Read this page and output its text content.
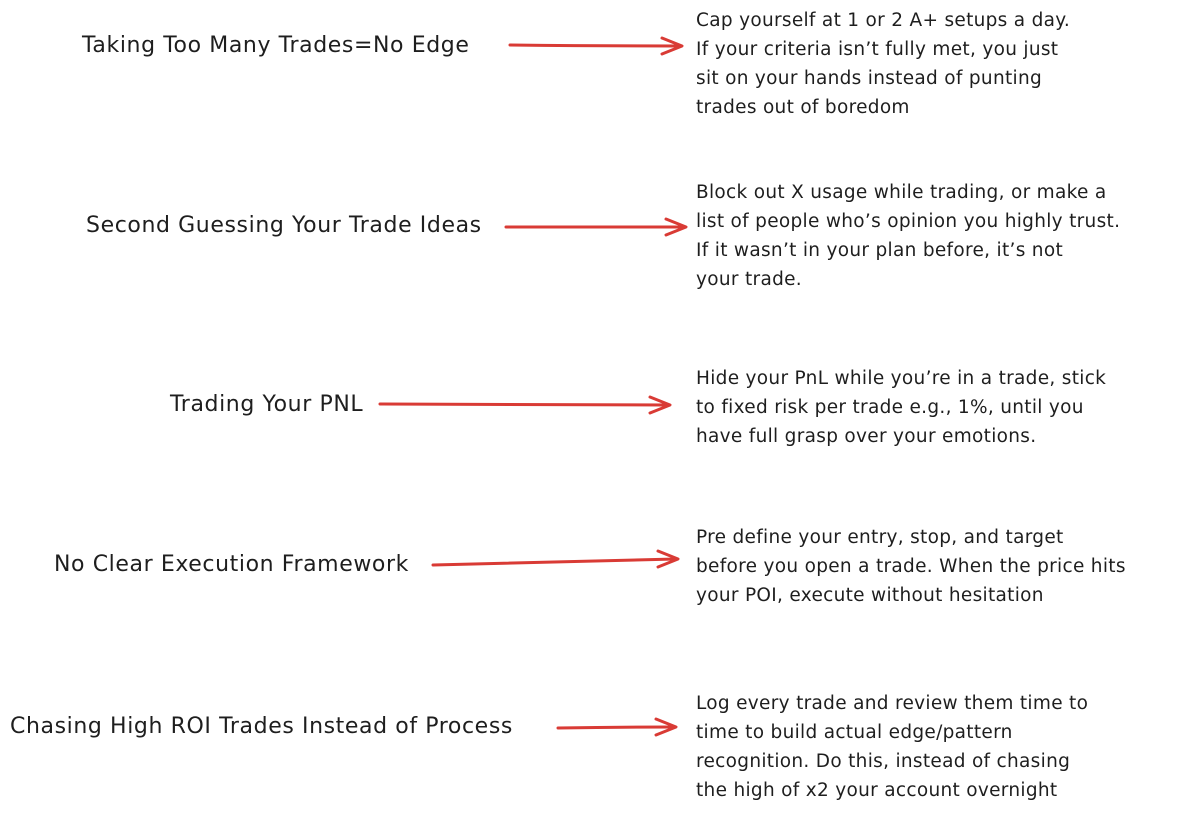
Taking Too Many Trades=No Edge
Cap yourself at 1 or 2 A+ setups a day.
If your criteria isn’t fully met, you just
sit on your hands instead of punting
trades out of boredom
Second Guessing Your Trade Ideas
Block out X usage while trading, or make a
list of people who’s opinion you highly trust.
If it wasn’t in your plan before, it’s not
your trade.
Trading Your PNL
Hide your PnL while you’re in a trade, stick
to fixed risk per trade e.g., 1%, until you
have full grasp over your emotions.
No Clear Execution Framework
Pre define your entry, stop, and target
before you open a trade. When the price hits
your POI, execute without hesitation
Chasing High ROI Trades Instead of Process
Log every trade and review them time to
time to build actual edge/pattern
recognition. Do this, instead of chasing
the high of x2 your account overnight
